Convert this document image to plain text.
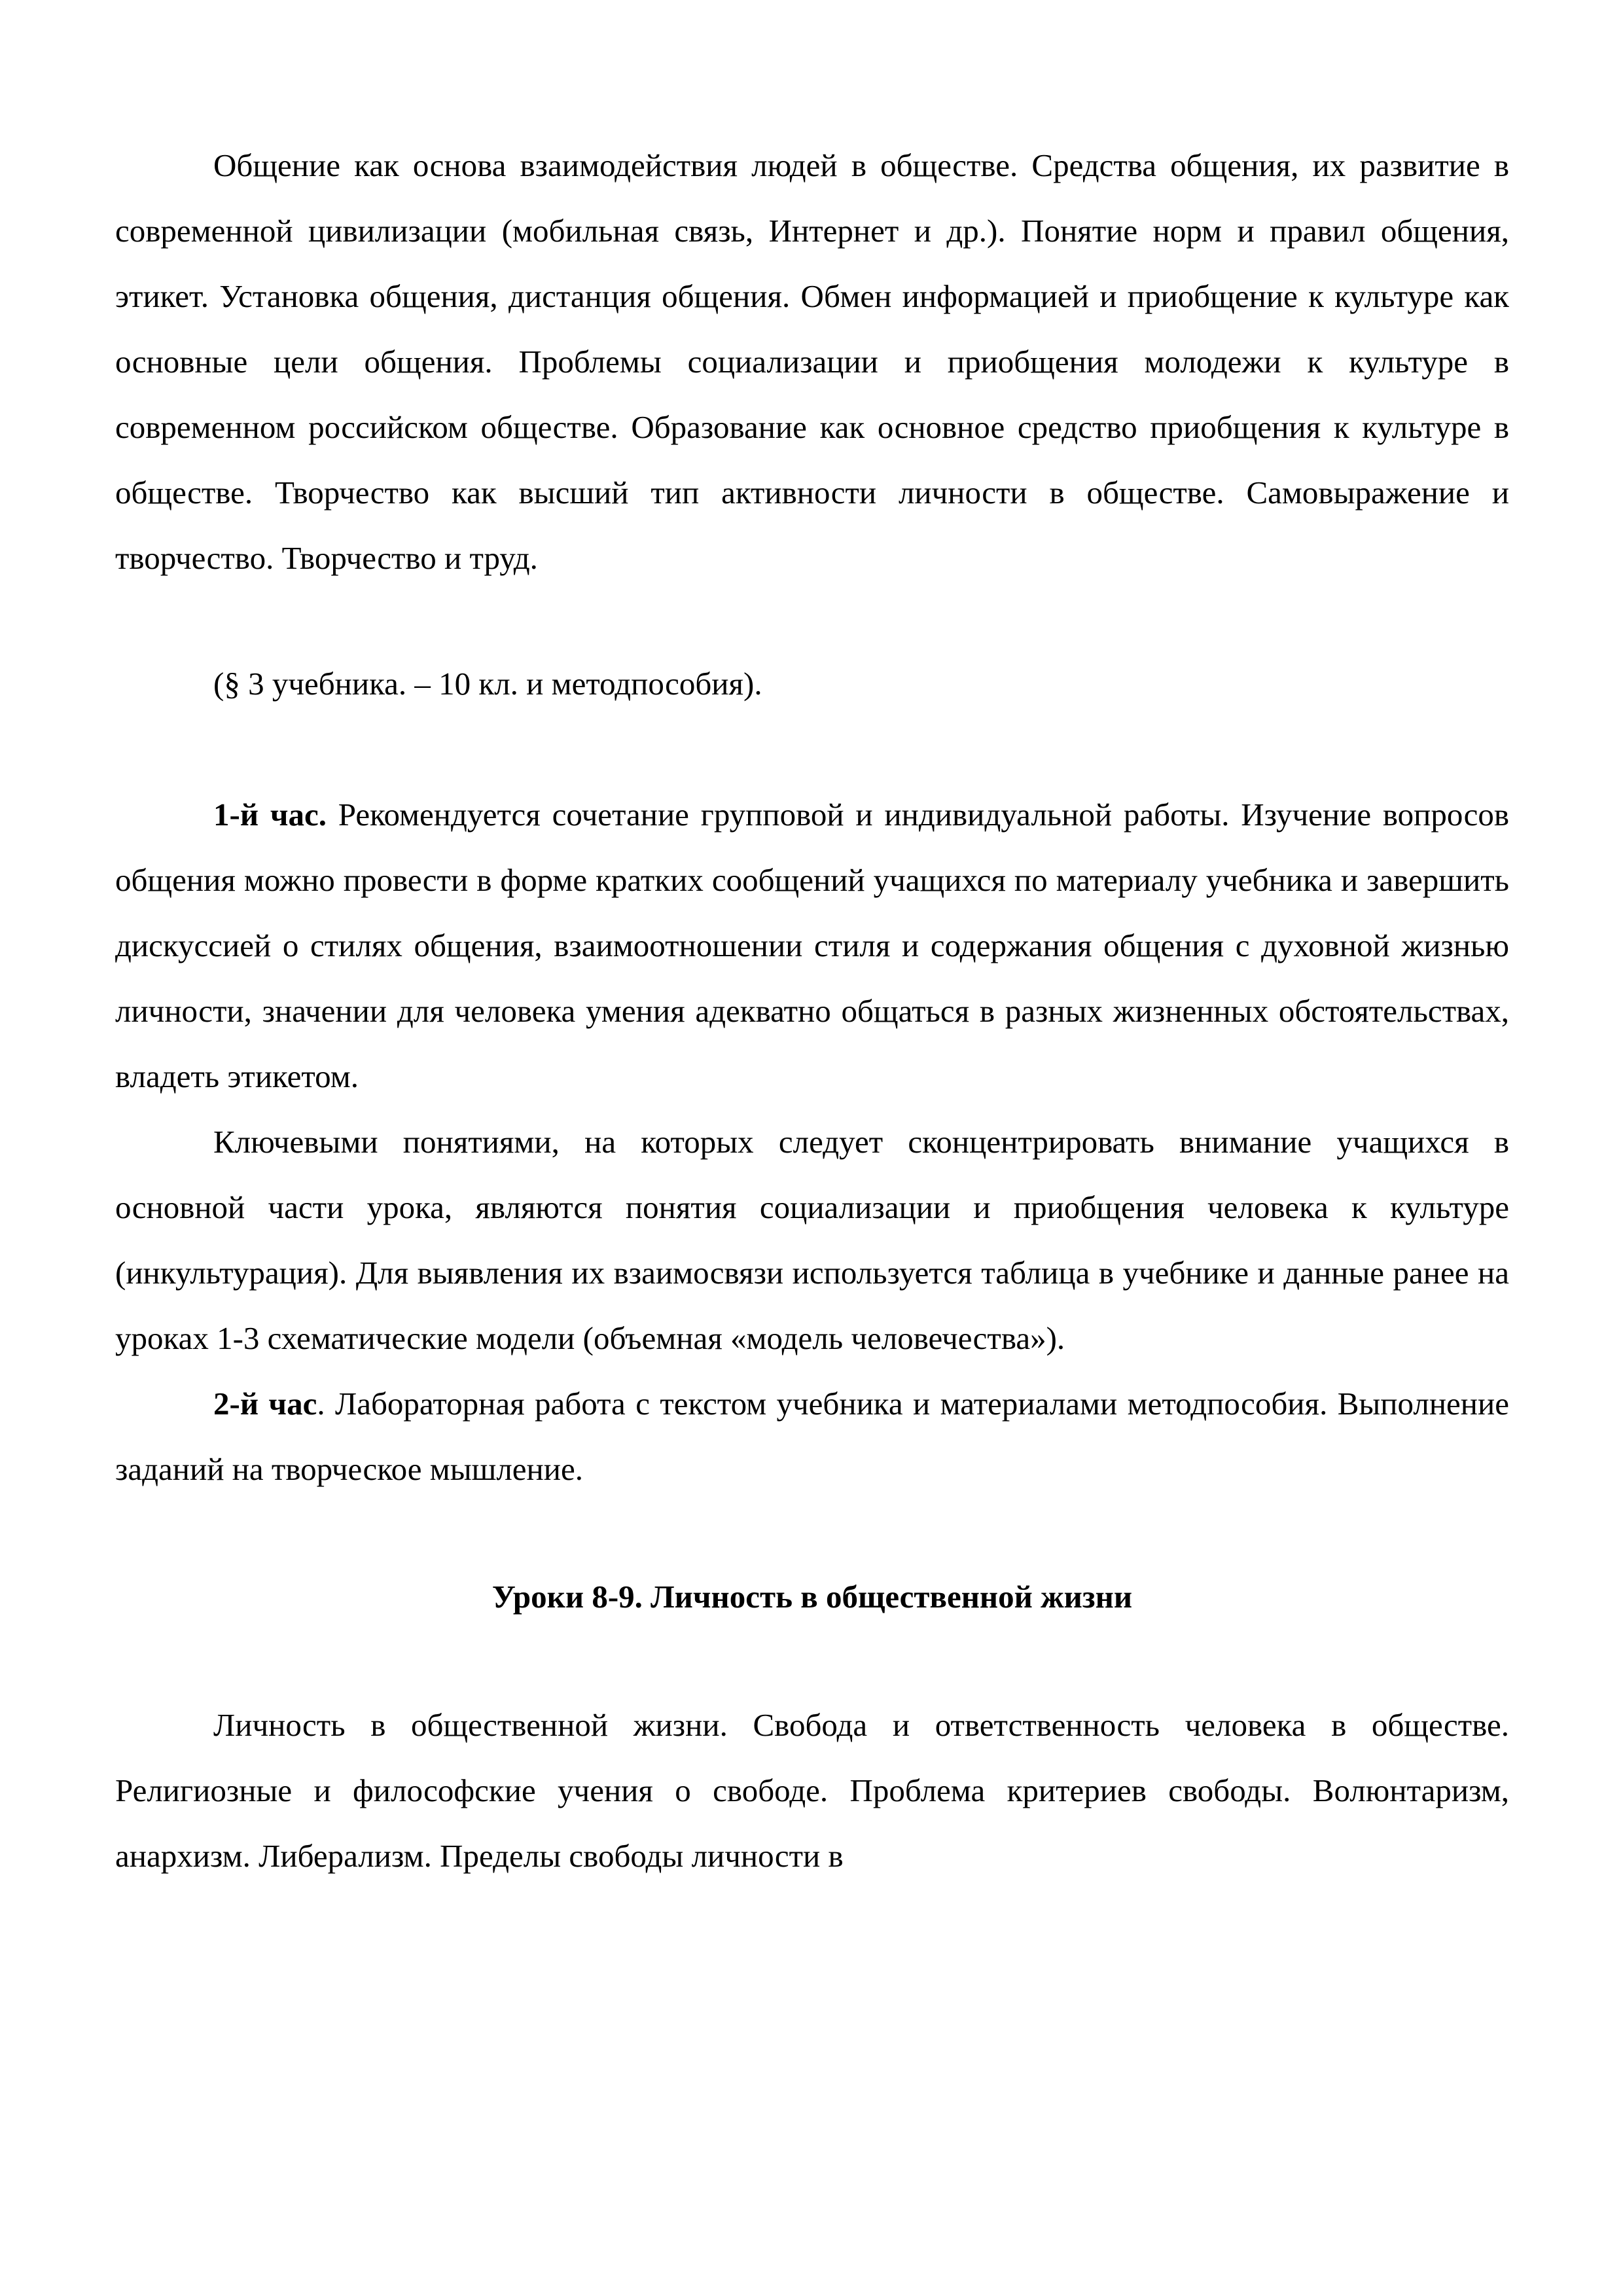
Общение как основа взаимодействия людей в обществе. Средства общения, их развитие в современной цивилизации (мобильная связь, Интернет и др.). Понятие норм и правил общения, этикет. Установка общения, дистанция общения. Обмен информацией и приобщение к культуре как основные цели общения. Проблемы социализации и приобщения молодежи к культуре в современном российском обществе. Образование как основное средство приобщения к культуре в обществе. Творчество как высший тип активности личности в обществе. Самовыражение и творчество. Творчество и труд.

(§ 3 учебника. – 10 кл. и методпособия).

1-й час. Рекомендуется сочетание групповой и индивидуальной работы. Изучение вопросов общения можно провести в форме кратких сообщений учащихся по материалу учебника и завершить дискуссией о стилях общения, взаимоотношении стиля и содержания общения с духовной жизнью личности, значении для человека умения адекватно общаться в разных жизненных обстоятельствах, владеть этикетом.

Ключевыми понятиями, на которых следует сконцентрировать внимание учащихся в основной части урока, являются понятия социализации и приобщения человека к культуре (инкультурация). Для выявления их взаимосвязи используется таблица в учебнике и данные ранее на уроках 1-3 схематические модели (объемная «модель человечества»).

2-й час. Лабораторная работа с текстом учебника и материалами методпособия. Выполнение заданий на творческое мышление.

Уроки 8-9. Личность в общественной жизни

Личность в общественной жизни. Свобода и ответственность человека в обществе. Религиозные и философские учения о свободе. Проблема критериев свободы. Волюнтаризм, анархизм. Либерализм. Пределы свободы личности в
